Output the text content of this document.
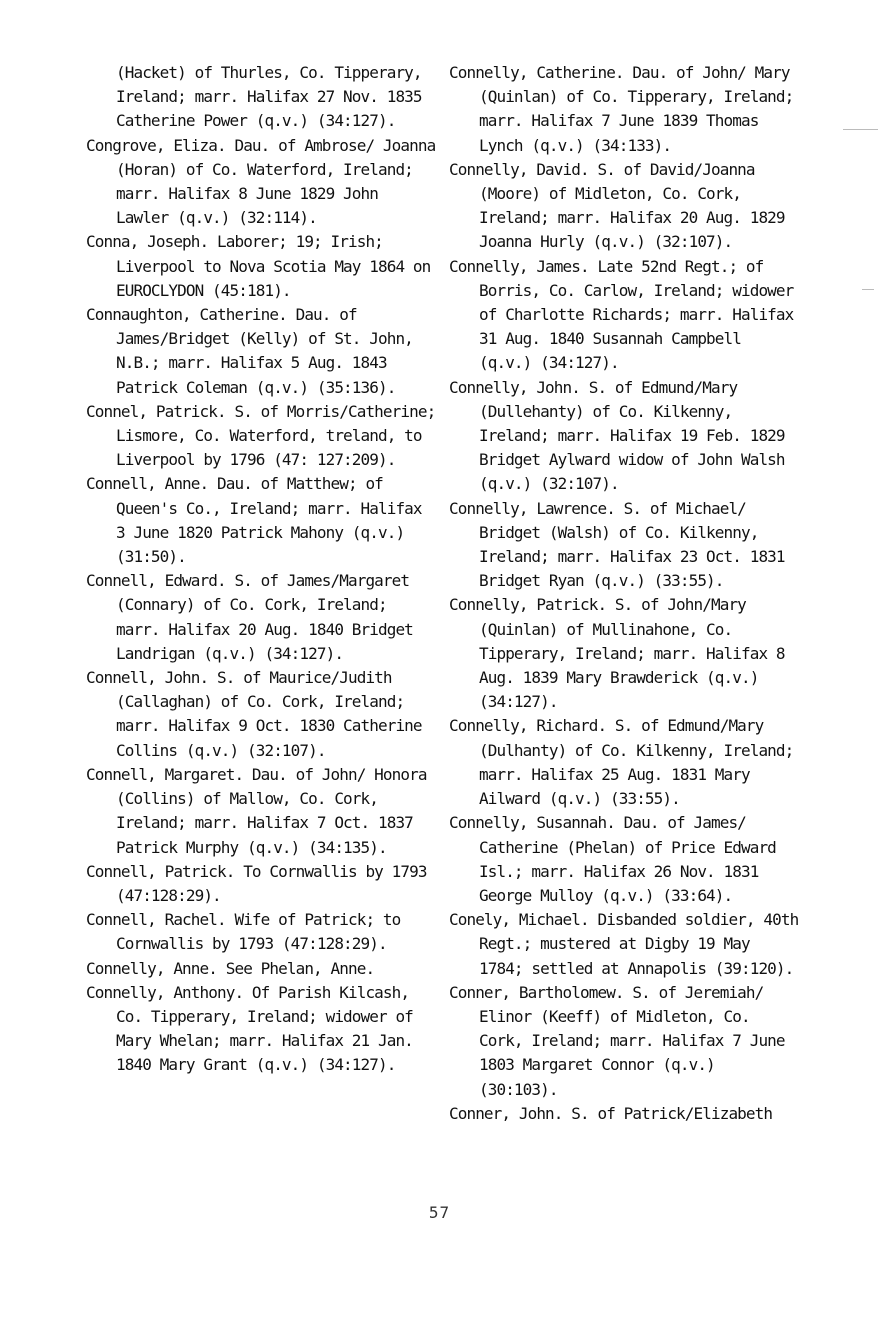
(Hacket) of Thurles, Co. Tipperary, Ireland; marr. Halifax 27 Nov. 1835 Catherine Power (q.v.) (34:127).

Congrove, Eliza. Dau. of Ambrose/ Joanna (Horan) of Co. Waterford, Ireland; marr. Halifax 8 June 1829 John Lawler (q.v.) (32:114).

Conna, Joseph. Laborer; 19; Irish; Liverpool to Nova Scotia May 1864 on EUROCLYDON (45:181).

Connaughton, Catherine. Dau. of James/Bridget (Kelly) of St. John, N.B.; marr. Halifax 5 Aug. 1843 Patrick Coleman (q.v.) (35:136).

Connel, Patrick. S. of Morris/Catherine; Lismore, Co. Waterford, treland, to Liverpool by 1796 (47: 127:209).

Connell, Anne. Dau. of Matthew; of Queen's Co., Ireland; marr. Halifax 3 June 1820 Patrick Mahony (q.v.) (31:50).

Connell, Edward. S. of James/Margaret (Connary) of Co. Cork, Ireland; marr. Halifax 20 Aug. 1840 Bridget Landrigan (q.v.) (34:127).

Connell, John. S. of Maurice/Judith (Callaghan) of Co. Cork, Ireland; marr. Halifax 9 Oct. 1830 Catherine Collins (q.v.) (32:107).

Connell, Margaret. Dau. of John/ Honora (Collins) of Mallow, Co. Cork, Ireland; marr. Halifax 7 Oct. 1837 Patrick Murphy (q.v.) (34:135).

Connell, Patrick. To Cornwallis by 1793 (47:128:29).

Connell, Rachel. Wife of Patrick; to Cornwallis by 1793 (47:128:29).

Connelly, Anne. See Phelan, Anne.

Connelly, Anthony. Of Parish Kilcash, Co. Tipperary, Ireland; widower of Mary Whelan; marr. Halifax 21 Jan. 1840 Mary Grant (q.v.) (34:127).

Connelly, Catherine. Dau. of John/ Mary (Quinlan) of Co. Tipperary, Ireland; marr. Halifax 7 June 1839 Thomas Lynch (q.v.) (34:133).

Connelly, David. S. of David/Joanna (Moore) of Midleton, Co. Cork, Ireland; marr. Halifax 20 Aug. 1829 Joanna Hurly (q.v.) (32:107).

Connelly, James. Late 52nd Regt.; of Borris, Co. Carlow, Ireland; widower of Charlotte Richards; marr. Halifax 31 Aug. 1840 Susannah Campbell (q.v.) (34:127).

Connelly, John. S. of Edmund/Mary (Dullehanty) of Co. Kilkenny, Ireland; marr. Halifax 19 Feb. 1829 Bridget Aylward widow of John Walsh (q.v.) (32:107).

Connelly, Lawrence. S. of Michael/ Bridget (Walsh) of Co. Kilkenny, Ireland; marr. Halifax 23 Oct. 1831 Bridget Ryan (q.v.) (33:55).

Connelly, Patrick. S. of John/Mary (Quinlan) of Mullinahone, Co. Tipperary, Ireland; marr. Halifax 8 Aug. 1839 Mary Brawderick (q.v.) (34:127).

Connelly, Richard. S. of Edmund/Mary (Dulhanty) of Co. Kilkenny, Ireland; marr. Halifax 25 Aug. 1831 Mary Ailward (q.v.) (33:55).

Connelly, Susannah. Dau. of James/ Catherine (Phelan) of Price Edward Isl.; marr. Halifax 26 Nov. 1831 George Mulloy (q.v.) (33:64).

Conely, Michael. Disbanded soldier, 40th Regt.; mustered at Digby 19 May 1784; settled at Annapolis (39:120).

Conner, Bartholomew. S. of Jeremiah/ Elinor (Keeff) of Midleton, Co. Cork, Ireland; marr. Halifax 7 June 1803 Margaret Connor (q.v.) (30:103).

Conner, John. S. of Patrick/Elizabeth

57
